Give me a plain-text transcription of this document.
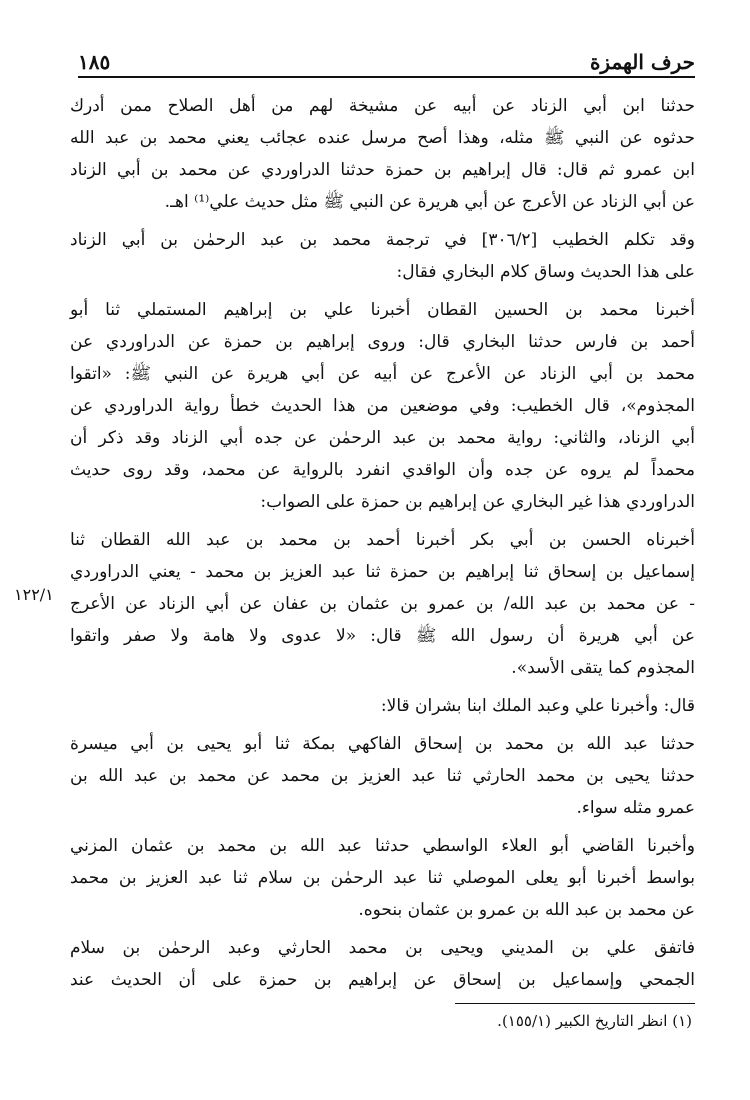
حرف الهمزة
١٨٥

حدثنا ابن أبي الزناد عن أبيه عن مشيخة لهم من أهل الصلاح ممن أدرك
حدثوه عن النبي ﷺ مثله، وهذا أصح مرسل عنده عجائب يعني محمد بن عبد الله
ابن عمرو ثم قال: قال إبراهيم بن حمزة حدثنا الدراوردي عن محمد بن أبي الزناد
عن أبي الزناد عن الأعرج عن أبي هريرة عن النبي ﷺ مثل حديث علي⁽¹⁾ اهـ.

وقد تكلم الخطيب [٣٠٦/٢] في ترجمة محمد بن عبد الرحمٰن بن أبي الزناد
على هذا الحديث وساق كلام البخاري فقال:

أخبرنا محمد بن الحسين القطان أخبرنا علي بن إبراهيم المستملي ثنا أبو
أحمد بن فارس حدثنا البخاري قال: وروى إبراهيم بن حمزة عن الدراوردي عن
محمد بن أبي الزناد عن الأعرج عن أبيه عن أبي هريرة عن النبي ﷺ: «اتقوا
المجذوم»، قال الخطيب: وفي موضعين من هذا الحديث خطأ رواية الدراوردي عن
أبي الزناد، والثاني: رواية محمد بن عبد الرحمٰن عن جده أبي الزناد وقد ذكر أن
محمداً لم يروه عن جده وأن الواقدي انفرد بالرواية عن محمد، وقد روى حديث
الدراوردي هذا غير البخاري عن إبراهيم بن حمزة على الصواب:

أخبرناه الحسن بن أبي بكر أخبرنا أحمد بن محمد بن عبد الله القطان ثنا
إسماعيل بن إسحاق ثنا إبراهيم بن حمزة ثنا عبد العزيز بن محمد - يعني الدراوردي
- عن محمد بن عبد الله/ بن عمرو بن عثمان بن عفان عن أبي الزناد عن الأعرج
عن أبي هريرة أن رسول الله ﷺ قال: «لا عدوى ولا هامة ولا صفر واتقوا
المجذوم كما يتقى الأسد».

قال: وأخبرنا علي وعبد الملك ابنا بشران قالا:

حدثنا عبد الله بن محمد بن إسحاق الفاكهي بمكة ثنا أبو يحيى بن أبي ميسرة
حدثنا يحيى بن محمد الحارثي ثنا عبد العزيز بن محمد عن محمد بن عبد الله بن
عمرو مثله سواء.

وأخبرنا القاضي أبو العلاء الواسطي حدثنا عبد الله بن محمد بن عثمان المزني
بواسط أخبرنا أبو يعلى الموصلي ثنا عبد الرحمٰن بن سلام ثنا عبد العزيز بن محمد
عن محمد بن عبد الله بن عمرو بن عثمان بنحوه.

فاتفق علي بن المديني ويحيى بن محمد الحارثي وعبد الرحمٰن بن سلام
الجمحي وإسماعيل بن إسحاق عن إبراهيم بن حمزة على أن الحديث عند

١٢٢/١
(١) انظر التاريخ الكبير (١٥٥/١).
